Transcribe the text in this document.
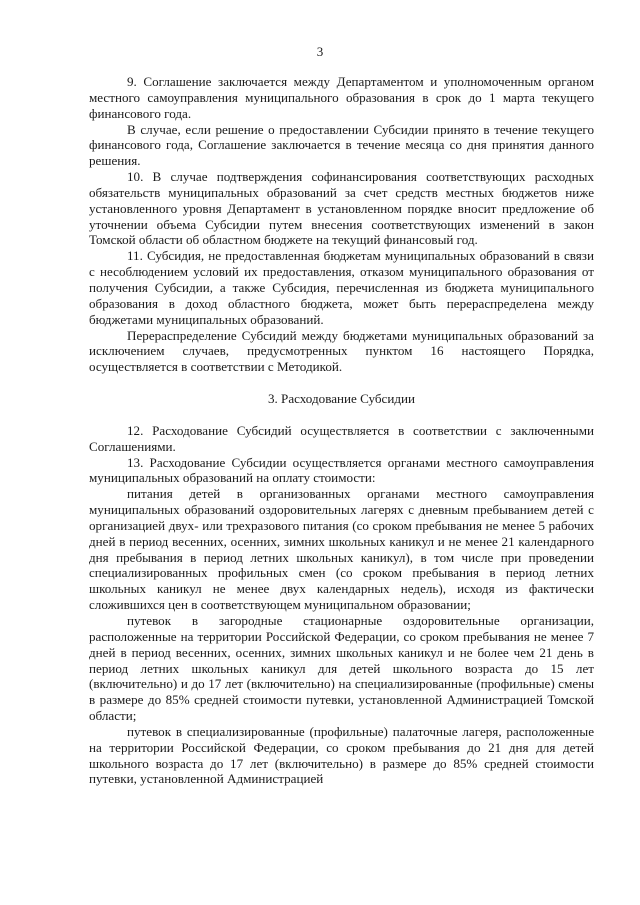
3

9. Соглашение заключается между Департаментом и уполномоченным органом местного самоуправления муниципального образования в срок до 1 марта текущего финансового года.

В случае, если решение о предоставлении Субсидии принято в течение текущего финансового года, Соглашение заключается в течение месяца со дня принятия данного решения.

10. В случае подтверждения софинансирования соответствующих расходных обязательств муниципальных образований за счет средств местных бюджетов ниже установленного уровня Департамент в установленном порядке вносит предложение об уточнении объема Субсидии путем внесения соответствующих изменений в закон Томской области об областном бюджете на текущий финансовый год.

11. Субсидия, не предоставленная бюджетам муниципальных образований в связи с несоблюдением условий их предоставления, отказом муниципального образования от получения Субсидии, а также Субсидия, перечисленная из бюджета муниципального образования в доход областного бюджета, может быть перераспределена между бюджетами муниципальных образований.

Перераспределение Субсидий между бюджетами муниципальных образований за исключением случаев, предусмотренных пунктом 16 настоящего Порядка, осуществляется в соответствии с Методикой.

3. Расходование Субсидии

12. Расходование Субсидий осуществляется в соответствии с заключенными Соглашениями.

13. Расходование Субсидии осуществляется органами местного самоуправления муниципальных образований на оплату стоимости:

питания детей в организованных органами местного самоуправления муниципальных образований оздоровительных лагерях с дневным пребыванием детей с организацией двух- или трехразового питания (со сроком пребывания не менее 5 рабочих дней в период весенних, осенних, зимних школьных каникул и не менее 21 календарного дня пребывания в период летних школьных каникул), в том числе при проведении специализированных профильных смен (со сроком пребывания в период летних школьных каникул не менее двух календарных недель), исходя из фактически сложившихся цен в соответствующем муниципальном образовании;

путевок в загородные стационарные оздоровительные организации, расположенные на территории Российской Федерации, со сроком пребывания не менее 7 дней в период весенних, осенних, зимних школьных каникул и не более чем 21 день в период летних школьных каникул для детей школьного возраста до 15 лет (включительно) и до 17 лет (включительно) на специализированные (профильные) смены в размере до 85% средней стоимости путевки, установленной Администрацией Томской области;

путевок в специализированные (профильные) палаточные лагеря, расположенные на территории Российской Федерации, со сроком пребывания до 21 дня для детей школьного возраста до 17 лет (включительно) в размере до 85% средней стоимости путевки, установленной Администрацией
